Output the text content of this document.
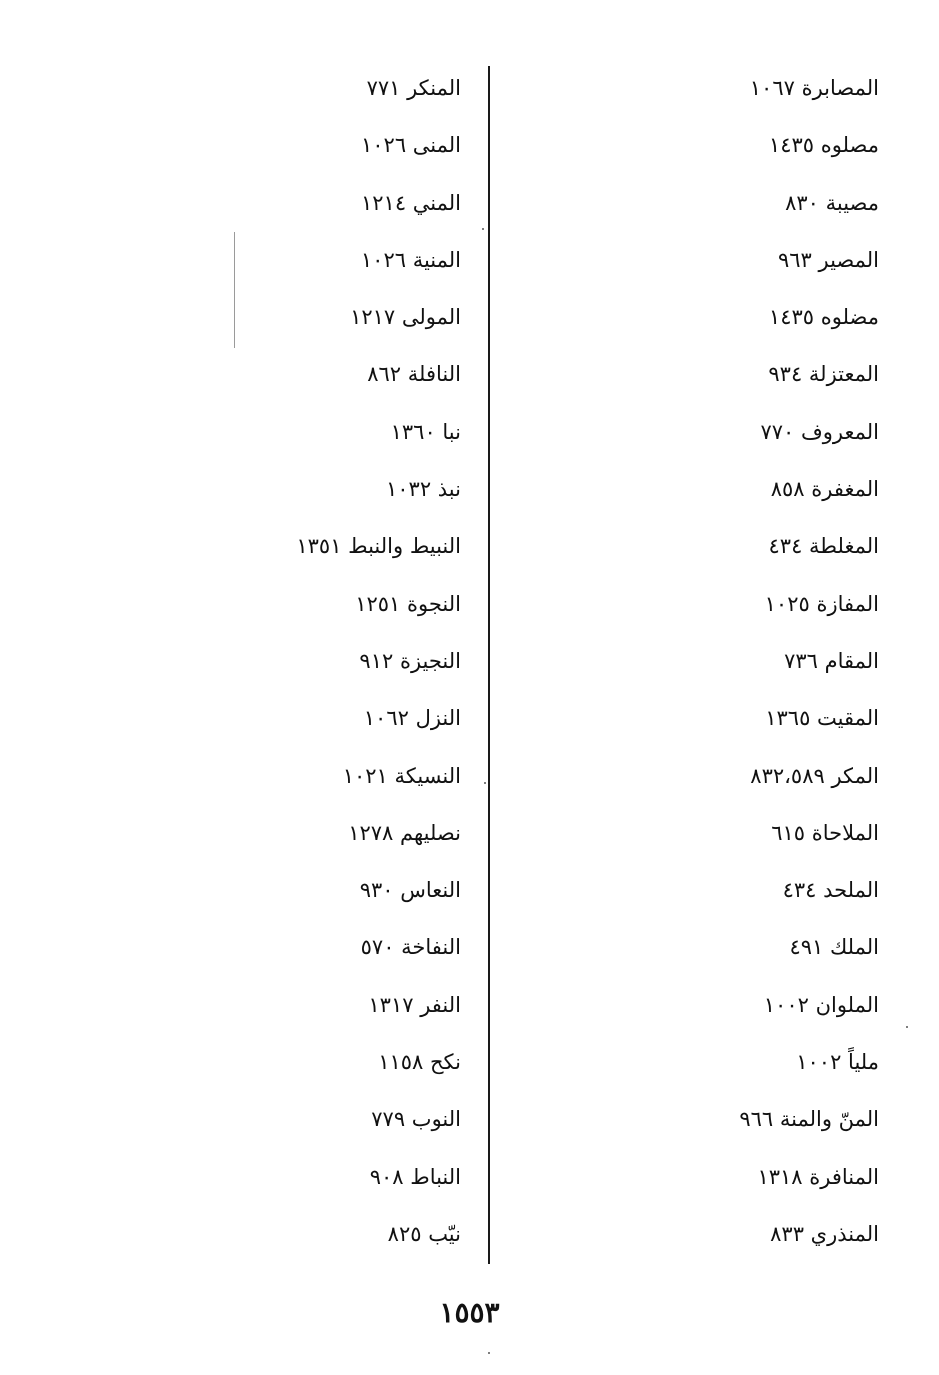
المصابرة ١٠٦٧
مصلوه ١٤٣٥
مصيبة ٨٣٠
المصير ٩٦٣
مضلوه ١٤٣٥
المعتزلة ٩٣٤
المعروف ٧٧٠
المغفرة ٨٥٨
المغلطة ٤٣٤
المفازة ١٠٢٥
المقام ٧٣٦
المقيت ١٣٦٥
المكر ٨٣٢،٥٨٩
الملاحاة ٦١٥
الملحد ٤٣٤
الملك ٤٩١
الملوان ١٠٠٢
ملياً ١٠٠٢
المنّ والمنة ٩٦٦
المنافرة ١٣١٨
المنذري ٨٣٣
المنكر ٧٧١
المنى ١٠٢٦
المني ١٢١٤
المنية ١٠٢٦
المولى ١٢١٧
النافلة ٨٦٢
نبا ١٣٦٠
نبذ ١٠٣٢
النبيط والنبط ١٣٥١
النجوة ١٢٥١
النجيزة ٩١٢
النزل ١٠٦٢
النسيكة ١٠٢١
نصليهم ١٢٧٨
النعاس ٩٣٠
النفاخة ٥٧٠
النفر ١٣١٧
نكح ١١٥٨
النوب ٧٧٩
النباط ٩٠٨
نيّب ٨٢٥
١٥٥٣
